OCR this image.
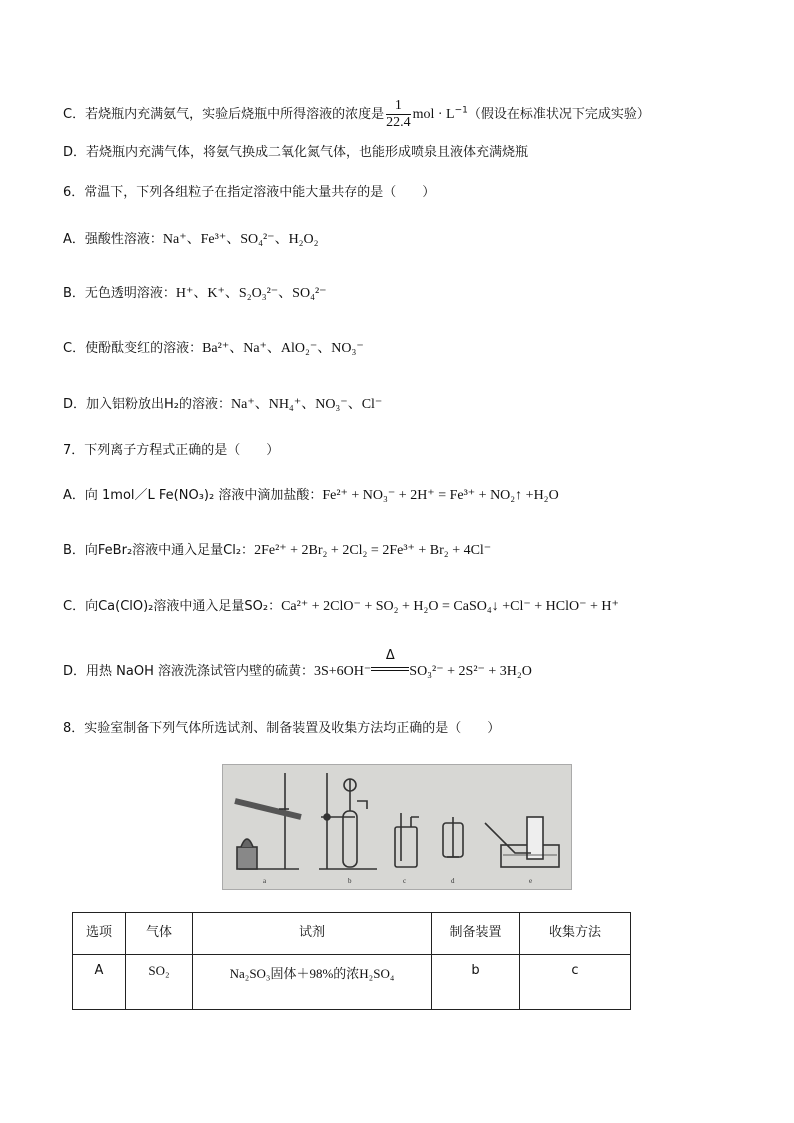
C．若烧瓶内充满氨气，实验后烧瓶中所得溶液的浓度是 $\frac{1}{22.4}$ mol · $L^{-1}$（假设在标准状况下完成实验）
D．若烧瓶内充满气体，将氨气换成二氧化氮气体，也能形成喷泉且液体充满烧瓶
6．常温下，下列各组粒子在指定溶液中能大量共存的是（　　）
A．强酸性溶液：Na⁺、Fe³⁺、SO₄²⁻、H₂O₂
B．无色透明溶液：H⁺、K⁺、S₂O₃²⁻、SO₄²⁻
C．使酚酞变红的溶液：Ba²⁺、Na⁺、AlO₂⁻、NO₃⁻
D．加入铝粉放出H₂的溶液：Na⁺、NH₄⁺、NO₃⁻、Cl⁻
7．下列离子方程式正确的是（　　）
A．向 1mol／L Fe(NO₃)₂ 溶液中滴加盐酸：Fe²⁺ + NO₃⁻ + 2H⁺ = Fe³⁺ + NO₂↑ +H₂O
B．向FeBr₂溶液中通入足量Cl₂：2Fe²⁺ + 2Br₂ + 2Cl₂ = 2Fe³⁺ + Br₂ + 4Cl⁻
C．向Ca(ClO)₂溶液中通入足量SO₂：Ca²⁺ + 2ClO⁻ + SO₂ + H₂O = CaSO₄↓ +Cl⁻ + HClO⁻ + H⁺
D．用热 NaOH 溶液洗涤试管内壁的硫黄：3S+6OH⁻
Δ
SO₃²⁻ + 2S²⁻ + 3H₂O
8．实验室制备下列气体所选试剂、制备装置及收集方法均正确的是（　　）
a	b	c	d	e
选项	气体	试剂	制备装置	收集方法
A	SO₂	Na₂SO₃固体＋98%的浓H₂SO₄	b	c
